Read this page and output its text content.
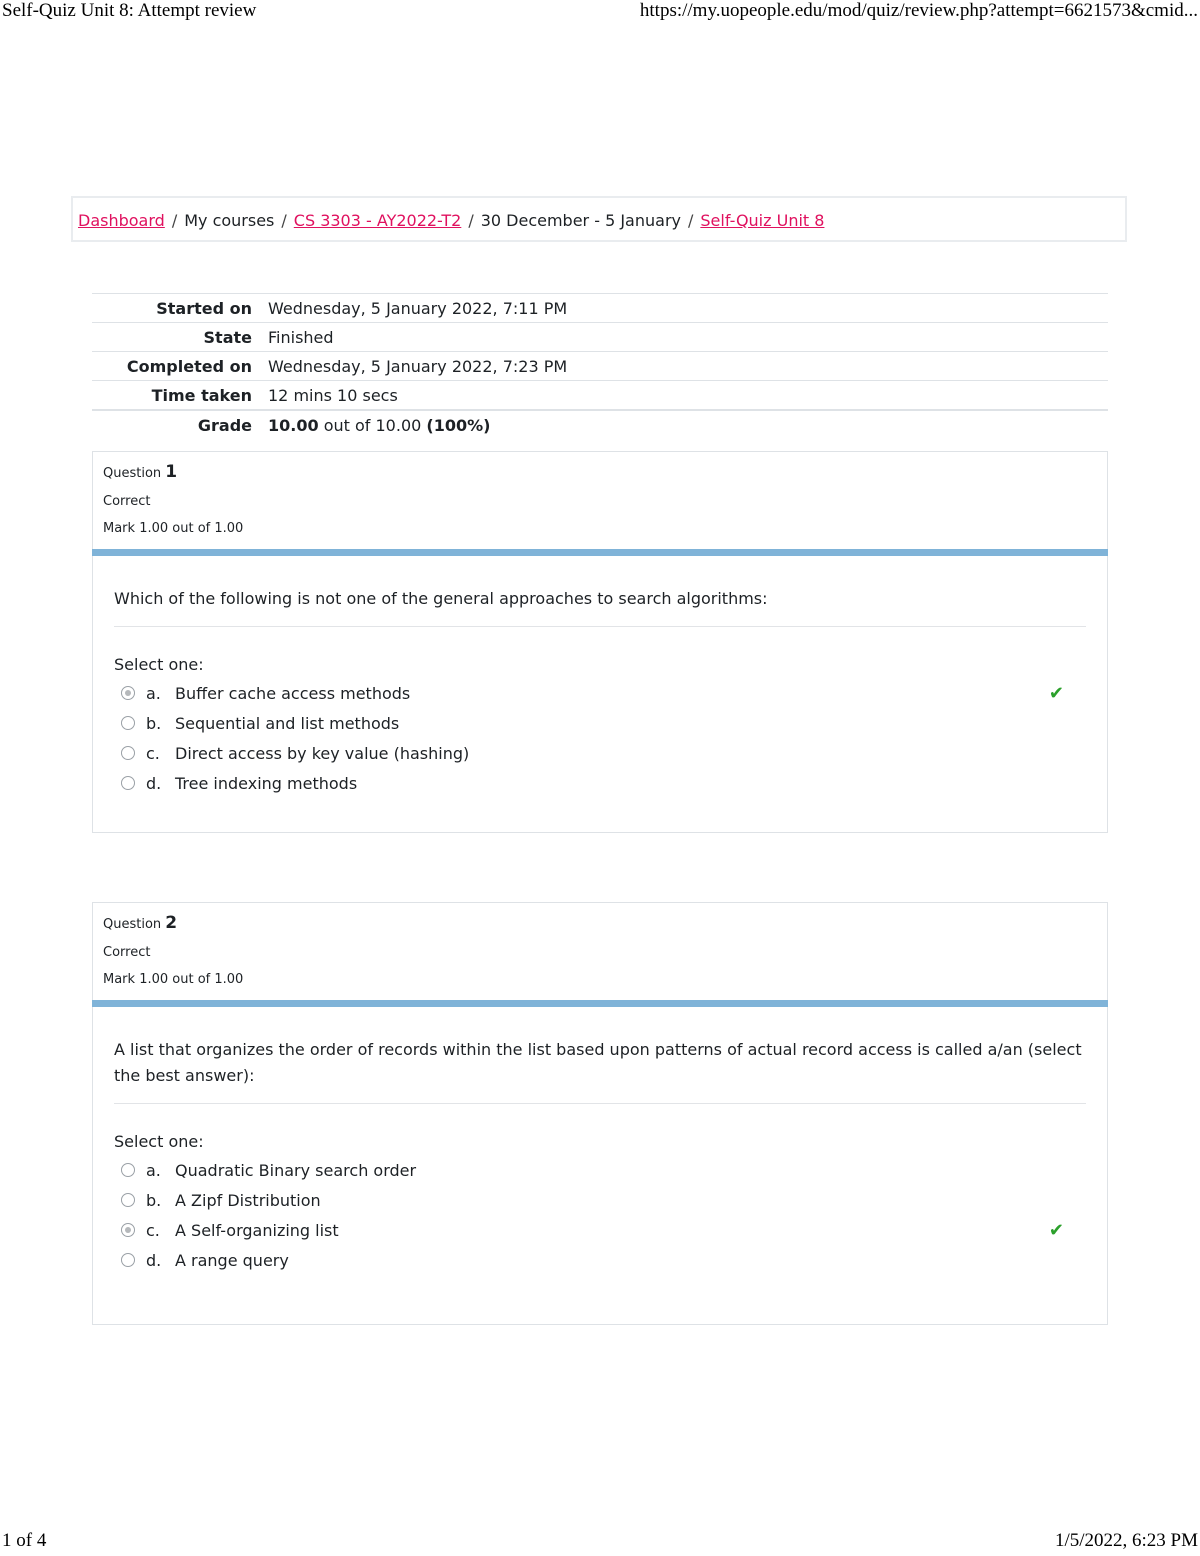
Self-Quiz Unit 8: Attempt review	https://my.uopeople.edu/mod/quiz/review.php?attempt=6621573&cmid...
Dashboard / My courses / CS 3303 - AY2022-T2 / 30 December - 5 January / Self-Quiz Unit 8
Started on	Wednesday, 5 January 2022, 7:11 PM
State	Finished
Completed on	Wednesday, 5 January 2022, 7:23 PM
Time taken	12 mins 10 secs
Grade	10.00 out of 10.00 (100%)
Question 1
Correct
Mark 1.00 out of 1.00
Which of the following is not one of the general approaches to search algorithms:
Select one:
a. Buffer cache access methods	✔
b. Sequential and list methods
c. Direct access by key value (hashing)
d. Tree indexing methods
Question 2
Correct
Mark 1.00 out of 1.00
A list that organizes the order of records within the list based upon patterns of actual record access is called a/an (select the best answer):
Select one:
a. Quadratic Binary search order
b. A Zipf Distribution
c. A Self-organizing list	✔
d. A range query
1 of 4	1/5/2022, 6:23 PM
